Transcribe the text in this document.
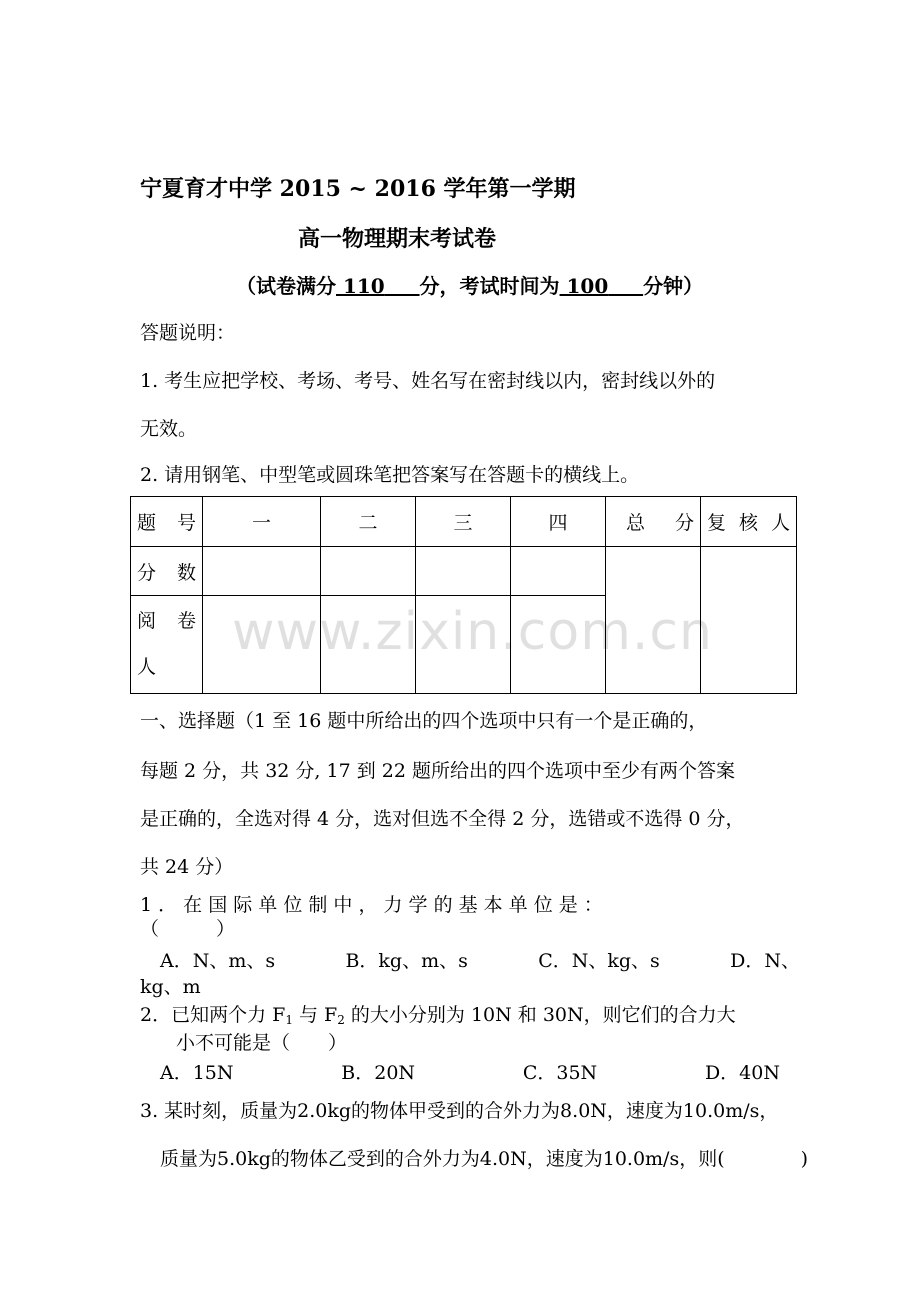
宁夏育才中学 2015 ~ 2016 学年第一学期
高一物理期末考试卷
（试卷满分 110 分，考试时间为 100 分钟）
答题说明：
1. 考生应把学校、考场、考号、姓名写在密封线以内，密封线以外的
无效。
2. 请用钢笔、中型笔或圆珠笔把答案写在答题卡的横线上。
题 号	一	二	三	四	总 分	复 核 人
分 数						

阅 卷
人						

www.zixin.com.cn
一、选择题（1 至 16 题中所给出的四个选项中只有一个是正确的，
每题 2 分，共 32 分, 17 到 22 题所给出的四个选项中至少有两个答案
是正确的，全选对得 4 分，选对但选不全得 2 分，选错或不选得 0 分，
共 24 分）
1 ． 在 国 际 单 位 制 中 ， 力 学 的 基 本 单 位 是 ：
（　　　）
A．N、m、s	B．kg、m、s	C．N、kg、s	D．N、
kg、m
2．已知两个力 $F_1$ 与 $F_2$ 的大小分别为 10N 和 30N，则它们的合力大
小不可能是（　　）
A．15N	B．20N	C．35N	D．40N
3. 某时刻，质量为2.0kg的物体甲受到的合外力为8.0N，速度为10.0m/s，
质量为5.0kg的物体乙受到的合外力为4.0N，速度为10.0m/s，则(　　　　)
